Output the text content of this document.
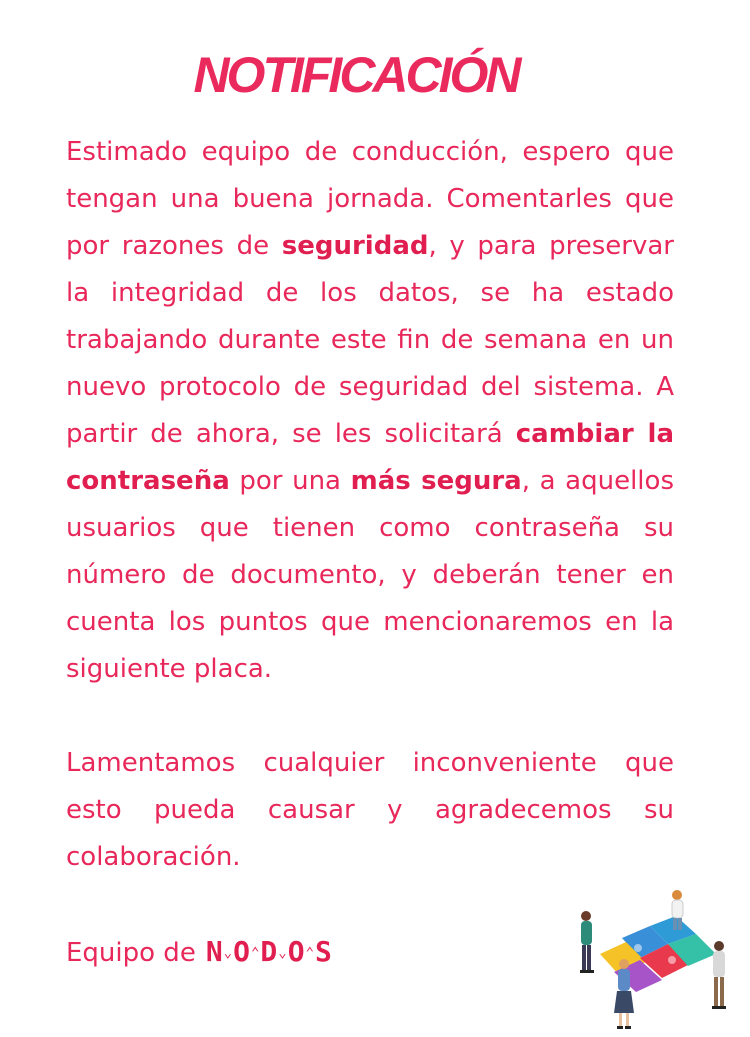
NOTIFICACIÓN

Estimado equipo de conducción, espero que tengan una buena jornada. Comentarles que por razones de seguridad, y para preservar la integridad de los datos, se ha estado trabajando durante este fin de semana en un nuevo protocolo de seguridad del sistema. A partir de ahora, se les solicitará cambiar la contraseña por una más segura, a aquellos usuarios que tienen como contraseña su número de documento, y deberán tener en cuenta los puntos que mencionaremos en la siguiente placa.

Lamentamos cualquier inconveniente que esto pueda causar y agradecemos su colaboración.

Equipo de N⌄O⌃D⌄O⌃S
